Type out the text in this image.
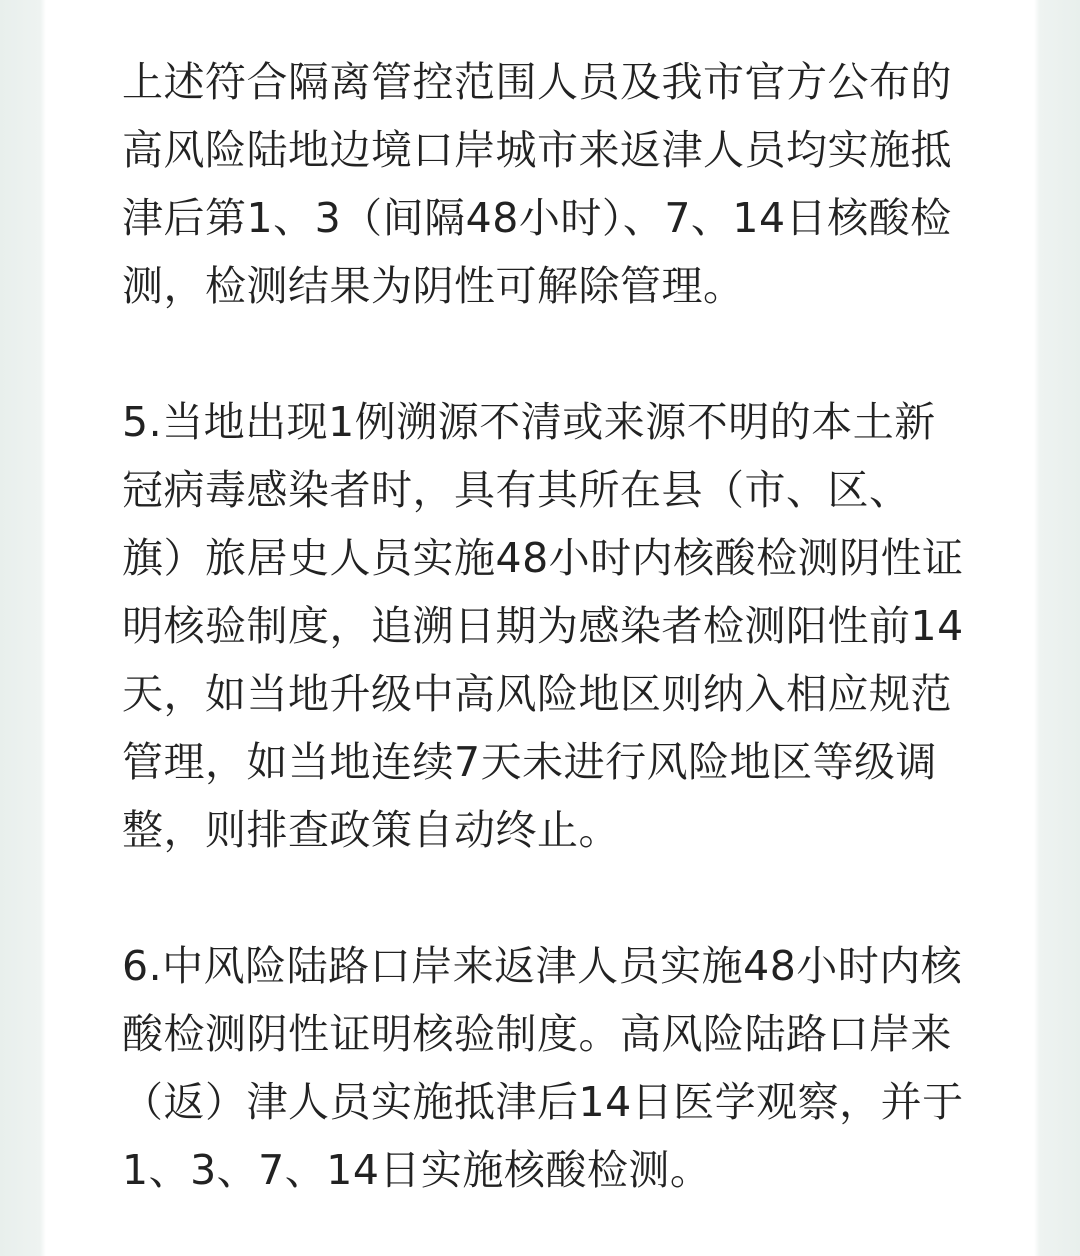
上述符合隔离管控范围人员及我市官方公布的高风险陆地边境口岸城市来返津人员均实施抵津后第1、3（间隔48小时）、7、14日核酸检测，检测结果为阴性可解除管理。

5.当地出现1例溯源不清或来源不明的本土新冠病毒感染者时，具有其所在县（市、区、旗）旅居史人员实施48小时内核酸检测阴性证明核验制度，追溯日期为感染者检测阳性前14天，如当地升级中高风险地区则纳入相应规范管理，如当地连续7天未进行风险地区等级调整，则排查政策自动终止。

6.中风险陆路口岸来返津人员实施48小时内核酸检测阴性证明核验制度。高风险陆路口岸来（返）津人员实施抵津后14日医学观察，并于1、3、7、14日实施核酸检测。
